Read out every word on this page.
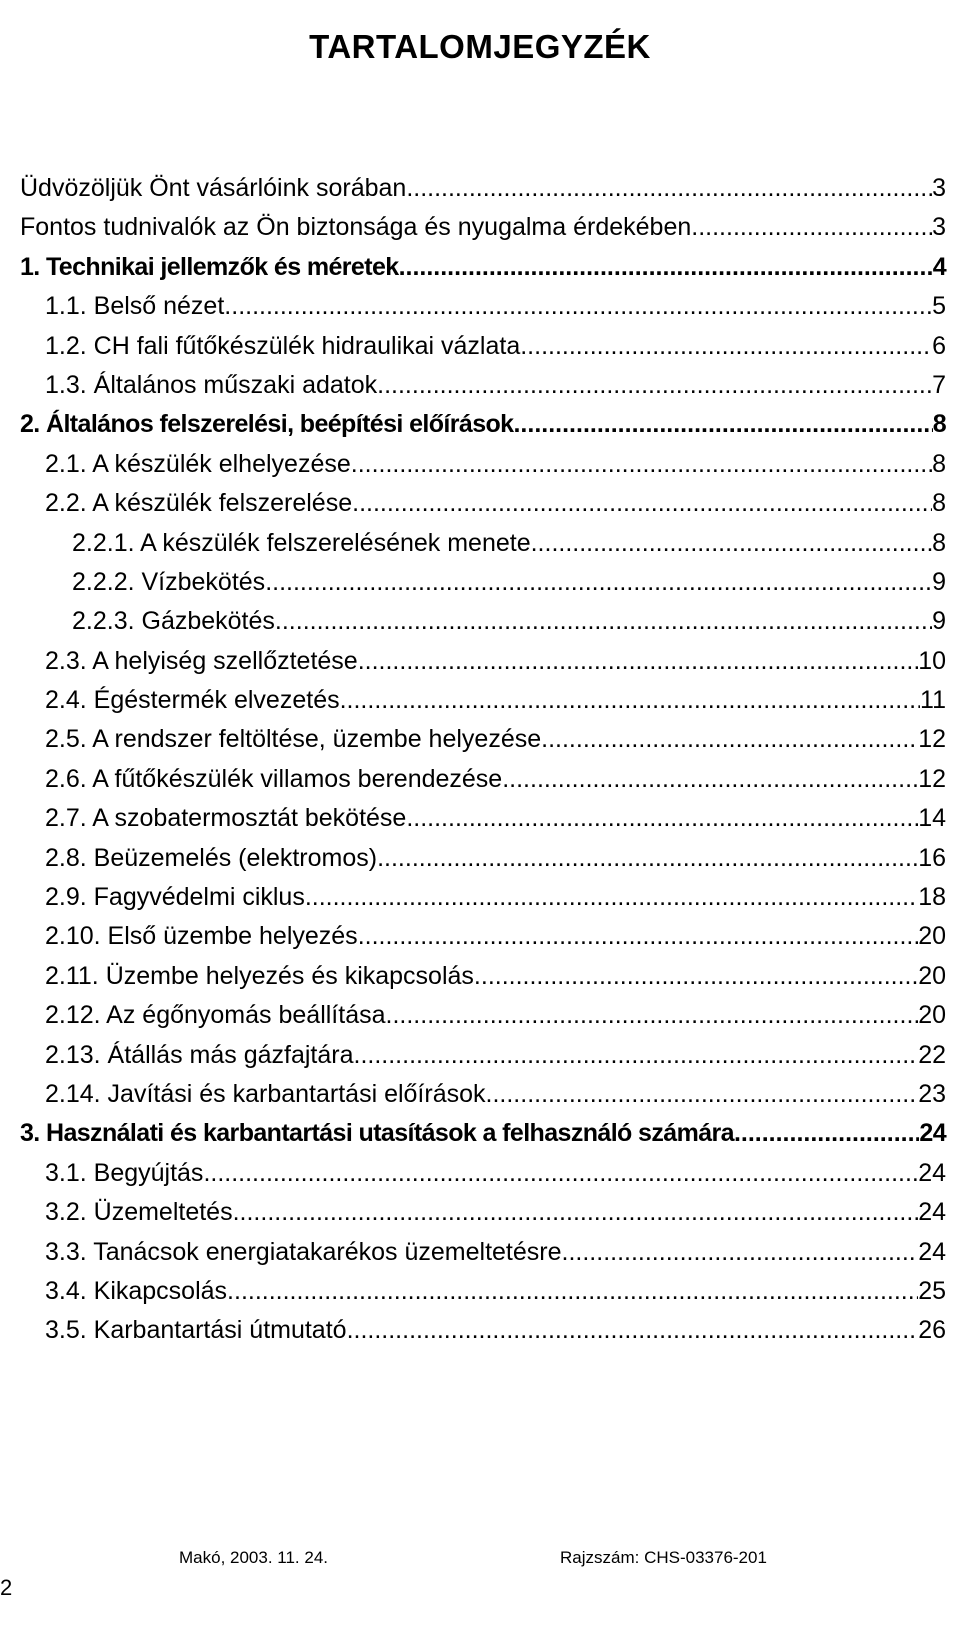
TARTALOMJEGYZÉK
Üdvözöljük Önt vásárlóink sorában .....	3
Fontos tudnivalók az Ön biztonsága és nyugalma érdekében .....	3
1. Technikai jellemzők és méretek .....	4
1.1. Belső nézet .....	5
1.2. CH fali fűtőkészülék hidraulikai vázlata .....	6
1.3. Általános műszaki adatok .....	7
2. Általános felszerelési, beépítési előírások .....	8
2.1. A készülék elhelyezése .....	8
2.2. A készülék felszerelése .....	8
2.2.1. A készülék felszerelésének menete .....	8
2.2.2. Vízbekötés .....	9
2.2.3. Gázbekötés .....	9
2.3. A helyiség szellőztetése .....	10
2.4. Égéstermék elvezetés .....	11
2.5. A rendszer feltöltése, üzembe helyezése .....	12
2.6. A fűtőkészülék villamos berendezése .....	12
2.7. A szobatermosztát bekötése .....	14
2.8. Beüzemelés (elektromos) .....	16
2.9. Fagyvédelmi ciklus .....	18
2.10. Első üzembe helyezés .....	20
2.11. Üzembe helyezés és kikapcsolás .....	20
2.12. Az égőnyomás beállítása .....	20
2.13. Átállás más gázfajtára .....	22
2.14. Javítási és karbantartási előírások .....	23
3. Használati és karbantartási utasítások a felhasználó számára .....	24
3.1. Begyújtás .....	24
3.2. Üzemeltetés .....	24
3.3. Tanácsok energiatakarékos üzemeltetésre .....	24
3.4. Kikapcsolás .....	25
3.5. Karbantartási útmutató .....	26
Makó, 2003. 11. 24.	Rajzszám: CHS-03376-201
2
